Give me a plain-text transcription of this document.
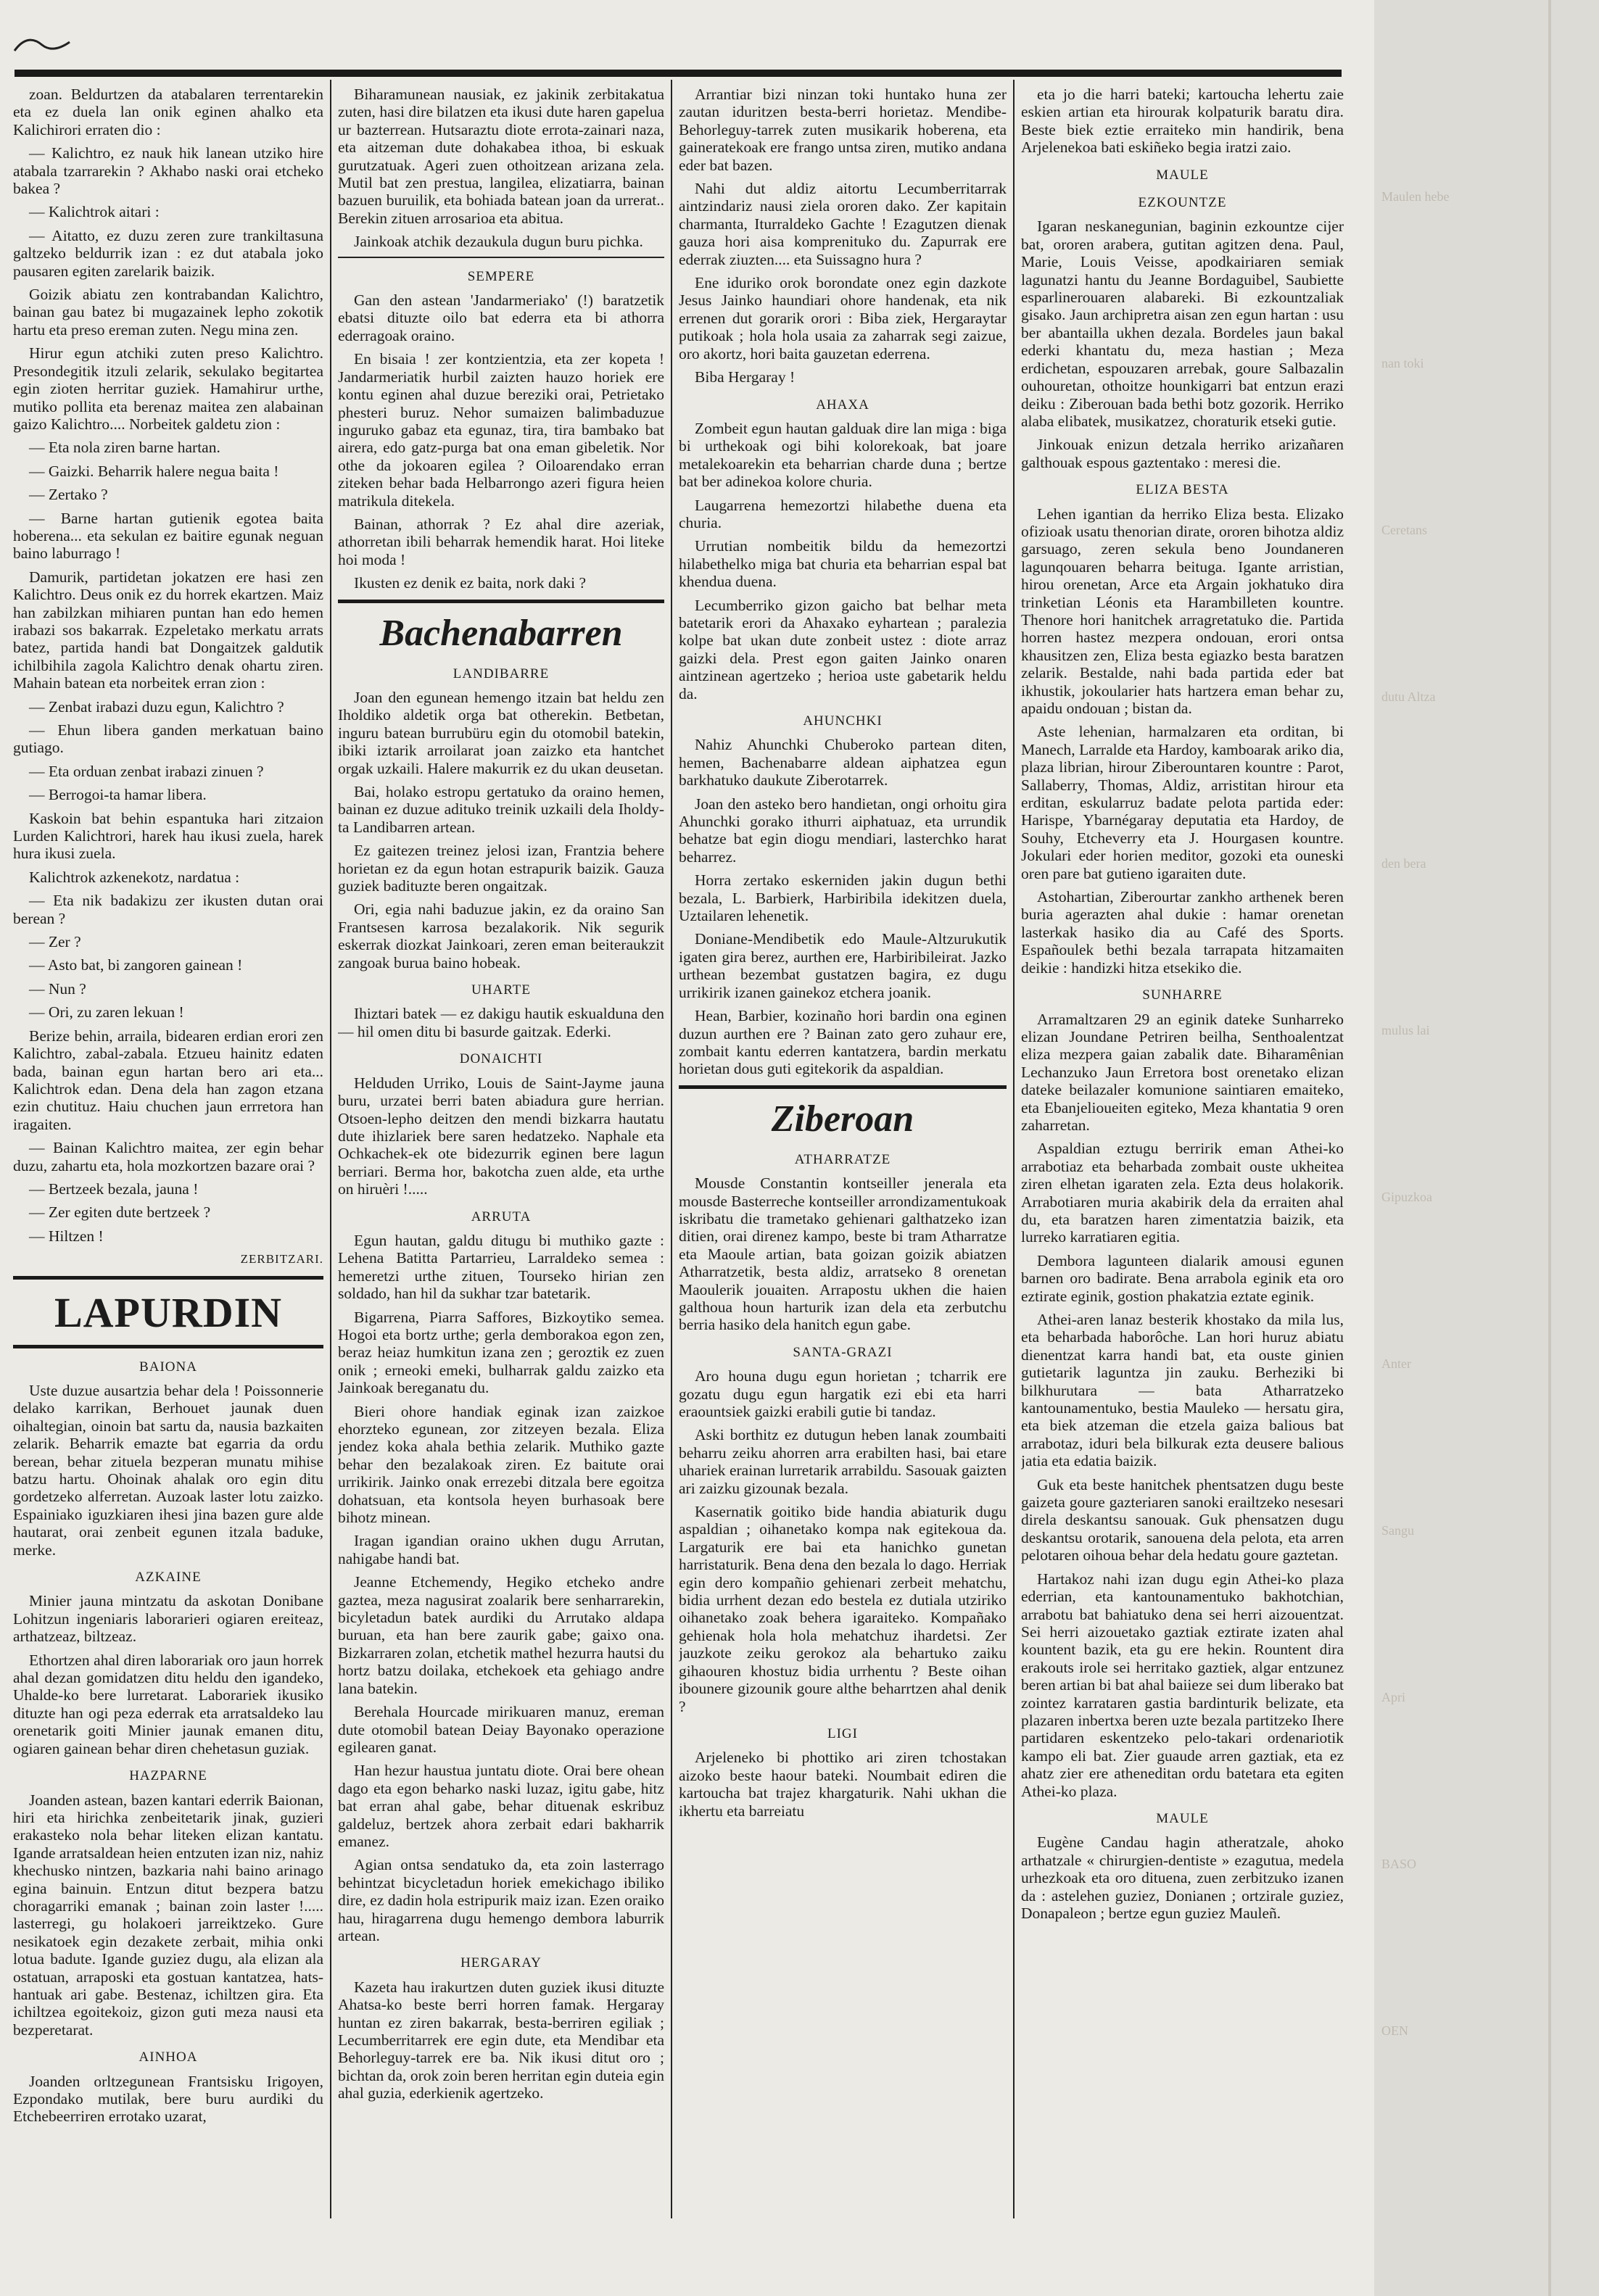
zoan. Beldurtzen da atabalaren terrentarekin eta ez duela lan onik eginen ahalko eta Kalichirori erraten dio :

— Kalichtro, ez nauk hik lanean utziko hire atabala tzarrarekin ? Akhabo naski orai etcheko bakea ?

— Kalichtrok aitari :

— Aitatto, ez duzu zeren zure trankiltasuna galtzeko beldurrik izan : ez dut atabala joko pausaren egiten zarelarik baizik.

Goizik abiatu zen kontrabandan Kalichtro, bainan gau batez bi mugazainek lepho zokotik hartu eta preso ereman zuten. Negu mina zen.

Hirur egun atchiki zuten preso Kalichtro. Presondegitik itzuli zelarik, sekulako begitartea egin zioten herritar guziek. Hamahirur urthe, mutiko pollita eta berenaz maitea zen alabainan gaizo Kalichtro.... Norbeitek galdetu zion :

— Eta nola ziren barne hartan.

— Gaizki. Beharrik halere negua baita !

— Zertako ?

— Barne hartan gutienik egotea baita hoberena... eta sekulan ez baitire egunak neguan baino laburrago !

Damurik, partidetan jokatzen ere hasi zen Kalichtro. Deus onik ez du horrek ekartzen. Maiz han zabilzkan mihiaren puntan han edo hemen irabazi sos bakarrak. Ezpeletako merkatu arrats batez, partida handi bat Dongaitzek galdutik ichilbihila zagola Kalichtro denak ohartu ziren. Mahain batean eta norbeitek erran zion :

— Zenbat irabazi duzu egun, Kalichtro ?

— Ehun libera ganden merkatuan baino gutiago.

— Eta orduan zenbat irabazi zinuen ?

— Berrogoi-ta hamar libera.

Kaskoin bat behin espantuka hari zitzaion Lurden Kalichtrori, harek hau ikusi zuela, harek hura ikusi zuela.

Kalichtrok azkenekotz, nardatua :

— Eta nik badakizu zer ikusten dutan orai berean ?

— Zer ?

— Asto bat, bi zangoren gainean !

— Nun ?

— Ori, zu zaren lekuan !

Berize behin, arraila, bidearen erdian erori zen Kalichtro, zabal-zabala. Etzueu hainitz edaten bada, bainan egun hartan bero ari eta... Kalichtrok edan. Dena dela han zagon etzana ezin chutituz. Haiu chuchen jaun errretora han iragaiten.

— Bainan Kalichtro maitea, zer egin behar duzu, zahartu eta, hola mozkortzen bazare orai ?

— Bertzeek bezala, jauna !

— Zer egiten dute bertzeek ?

— Hiltzen !

ZERBITZARI.

LAPURDIN
BAIONA

Uste duzue ausartzia behar dela ! Poissonnerie delako karrikan, Berhouet jaunak duen oihaltegian, oinoin bat sartu da, nausia bazkaiten zelarik. Beharrik emazte bat egarria da ordu berean, behar zituela bezperan munatu mihise batzu hartu. Ohoinak ahalak oro egin ditu gordetzeko alferretan. Auzoak laster lotu zaizko. Espainiako iguzkiaren ihesi jina bazen gure alde hautarat, orai zenbeit egunen itzala baduke, merke.

AZKAINE

Minier jauna mintzatu da askotan Donibane Lohitzun ingeniaris laborarieri ogiaren ereiteaz, arthatzeaz, biltzeaz.

Ethortzen ahal diren laborariak oro jaun horrek ahal dezan gomidatzen ditu heldu den igandeko, Uhalde-ko bere lurretarat. Laborariek ikusiko dituzte han ogi peza ederrak eta arratsaldeko lau orenetarik goiti Minier jaunak emanen ditu, ogiaren gainean behar diren chehetasun guziak.

HAZPARNE

Joanden astean, bazen kantari ederrik Baionan, hiri eta hirichka zenbeitetarik jinak, guzieri erakasteko nola behar liteken elizan kantatu. Igande arratsaldean heien entzuten izan niz, nahiz khechusko nintzen, bazkaria nahi baino arinago egina bainuin. Entzun ditut bezpera batzu choragarriki emanak ; bainan zoin laster !..... lasterregi, gu holakoeri jarreiktzeko. Gure nesikatoek egin dezakete zerbait, mihia onki lotua badute. Igande guziez dugu, ala elizan ala ostatuan, arraposki eta gostuan kantatzea, hats-hantuak ari gabe. Bestenaz, ichiltzen gira. Eta ichiltzea egoitekoiz, gizon guti meza nausi eta bezperetarat.

AINHOA

Joanden orltzegunean Frantsisku Irigoyen, Ezpondako mutilak, bere buru aurdiki du Etchebeerriren errotako uzarat,

Biharamunean nausiak, ez jakinik zerbitakatua zuten, hasi dire bilatzen eta ikusi dute haren gapelua ur bazterrean. Hutsaraztu diote errota-zainari naza, eta aitzeman dute dohakabea ithoa, bi eskuak gurutzatuak. Ageri zuen othoitzean arizana zela. Mutil bat zen prestua, langilea, elizatiarra, bainan bazuen buruilik, eta bohiada batean joan da urrerat.. Berekin zituen arrosarioa eta abitua.

Jainkoak atchik dezaukula dugun buru pichka.

SEMPERE

Gan den astean 'Jandarmeriako' (!) baratzetik ebatsi dituzte oilo bat ederra eta bi athorra ederragoak oraino.

En bisaia ! zer kontzientzia, eta zer kopeta ! Jandarmeriatik hurbil zaizten hauzo horiek ere kontu eginen ahal duzue bereziki orai, Petrietako phesteri buruz. Nehor sumaizen balimbaduzue inguruko gabaz eta egunaz, tira, tira bambako bat airera, edo gatz-purga bat ona eman gibeletik. Nor othe da jokoaren egilea ? Oiloarendako erran ziteken behar bada Helbarrongo azeri figura heien matrikula ditekela.

Bainan, athorrak ? Ez ahal dire azeriak, athorretan ibili beharrak hemendik harat. Hoi liteke hoi moda !

Ikusten ez denik ez baita, nork daki ?

Bachenabarren
LANDIBARRE

Joan den egunean hemengo itzain bat heldu zen Iholdiko aldetik orga bat otherekin. Betbetan, inguru batean burrubüru egin du otomobil batekin, ibiki iztarik arroilarat joan zaizko eta hantchet orgak uzkaili. Halere makurrik ez du ukan deusetan.

Bai, holako estropu gertatuko da oraino hemen, bainan ez duzue adituko treinik uzkaili dela Iholdy-ta Landibarren artean.

Ez gaitezen treinez jelosi izan, Frantzia behere horietan ez da egun hotan estrapurik baizik. Gauza guziek badituzte beren ongaitzak.

Ori, egia nahi baduzue jakin, ez da oraino San Frantsesen karrosa bezalakorik. Nik segurik eskerrak diozkat Jainkoari, zeren eman beiteraukzit zangoak burua baino hobeak.

UHARTE

Ihiztari batek — ez dakigu hautik eskualduna den — hil omen ditu bi basurde gaitzak. Ederki.

DONAICHTI

Helduden Urriko, Louis de Saint-Jayme jauna buru, urzatei berri baten abiadura gure herrian. Otsoen-lepho deitzen den mendi bizkarra hautatu dute ihizlariek bere saren hedatzeko. Naphale eta Ochkachek-ek ote bidezurrik eginen bere lagun berriari. Berma hor, bakotcha zuen alde, eta urthe on hiruèri !.....

ARRUTA

Egun hautan, galdu ditugu bi muthiko gazte : Lehena Batitta Partarrieu, Larraldeko semea : hemeretzi urthe zituen, Tourseko hirian zen soldado, han hil da sukhar tzar batetarik.

Bigarrena, Piarra Saffores, Bizkoytiko semea. Hogoi eta bortz urthe; gerla demborakoa egon zen, beraz heiaz humkitun izana zen ; geroztik ez zuen onik ; erneoki emeki, bulharrak galdu zaizko eta Jainkoak bereganatu du.

Bieri ohore handiak eginak izan zaizkoe ehorzteko egunean, zor zitzeyen bezala. Eliza jendez koka ahala bethia zelarik. Muthiko gazte behar den bezalakoak ziren. Ez baitute orai urrikirik. Jainko onak errezebi ditzala bere egoitza dohatsuan, eta kontsola heyen burhasoak bere bihotz minean.

Iragan igandian oraino ukhen dugu Arrutan, nahigabe handi bat.

Jeanne Etchemendy, Hegiko etcheko andre gaztea, meza nagusirat zoalarik bere senharrarekin, bicyletadun batek aurdiki du Arrutako aldapa buruan, eta han bere zaurik gabe; gaixo ona. Bizkarraren zolan, etchetik mathel hezurra hautsi du hortz batzu doilaka, etchekoek eta gehiago andre lana batekin.

Berehala Hourcade mirikuaren manuz, ereman dute otomobil batean Deiay Bayonako operazione egilearen ganat.

Han hezur haustua juntatu diote. Orai bere ohean dago eta egon beharko naski luzaz, igitu gabe, hitz bat erran ahal gabe, behar dituenak eskribuz galdeluz, bertzek ahora zerbait edari bakharrik emanez.

Agian ontsa sendatuko da, eta zoin lasterrago behintzat bicycletadun horiek emekichago ibiliko dire, ez dadin hola estripurik maiz izan. Ezen oraiko hau, hiragarrena dugu hemengo dembora laburrik artean.

HERGARAY

Kazeta hau irakurtzen duten guziek ikusi dituzte Ahatsa-ko beste berri horren famak. Hergaray huntan ez ziren bakarrak, besta-berriren egiliak ; Lecumberritarrek ere egin dute, eta Mendibar eta Behorleguy-tarrek ere ba. Nik ikusi ditut oro ; bichtan da, orok zoin beren herritan egin duteia egin ahal guzia, ederkienik agertzeko.

Arrantiar bizi ninzan toki huntako huna zer zautan iduritzen besta-berri horietaz. Mendibe-Behorleguy-tarrek zuten musikarik hoberena, eta gaineratekoak ere frango untsa ziren, mutiko andana eder bat bazen.

Nahi dut aldiz aitortu Lecumberritarrak aintzindariz nausi ziela ororen dako. Zer kapitain charmanta, Iturraldeko Gachte ! Ezagutzen dienak gauza hori aisa komprenituko du. Zapurrak ere ederrak ziuzten.... eta Suissagno hura ?

Ene iduriko orok borondate onez egin dazkote Jesus Jainko haundiari ohore handenak, eta nik errenen dut gorarik orori : Biba ziek, Hergaraytar putikoak ; hola hola usaia za zaharrak segi zaizue, oro akortz, hori baita gauzetan ederrena.

Biba Hergaray !

AHAXA

Zombeit egun hautan galduak dire lan miga : biga bi urthekoak ogi bihi kolorekoak, bat joare metalekoarekin eta beharrian charde duna ; bertze bat ber adinekoa kolore churia.

Laugarrena hemezortzi hilabethe duena eta churia.

Urrutian nombeitik bildu da hemezortzi hilabethelko miga bat churia eta beharrian espal bat khendua duena.

Lecumberriko gizon gaicho bat belhar meta batetarik erori da Ahaxako eyhartean ; paralezia kolpe bat ukan dute zonbeit ustez : diote arraz gaizki dela. Prest egon gaiten Jainko onaren aintzinean agertzeko ; herioa uste gabetarik heldu da.

AHUNCHKI

Nahiz Ahunchki Chuberoko partean diten, hemen, Bachenabarre aldean aiphatzea egun barkhatuko daukute Ziberotarrek.

Joan den asteko bero handietan, ongi orhoitu gira Ahunchki gorako ithurri aiphatuaz, eta urrundik behatze bat egin diogu mendiari, lasterchko harat beharrez.

Horra zertako eskerniden jakin dugun bethi bezala, L. Barbierk, Harbiribila idekitzen duela, Uztailaren lehenetik.

Doniane-Mendibetik edo Maule-Altzurukutik igaten gira berez, aurthen ere, Harbiribileirat. Jazko urthean bezembat gustatzen bagira, ez dugu urrikirik izanen gainekoz etchera joanik.

Hean, Barbier, kozinaño hori bardin ona eginen duzun aurthen ere ? Bainan zato gero zuhaur ere, zombait kantu ederren kantatzera, bardin merkatu horietan dous guti egitekorik da aspaldian.

Ziberoan
ATHARRATZE

Mousde Constantin kontseiller jenerala eta mousde Basterreche kontseiller arrondizamentukoak iskribatu die trametako gehienari galthatzeko izan ditien, orai direnez kampo, beste bi tram Atharratze eta Maoule artian, bata goizan goizik abiatzen Atharratzetik, besta aldiz, arratseko 8 orenetan Maoulerik jouaiten. Arrapostu ukhen die haien galthoua houn harturik izan dela eta zerbutchu berria hasiko dela hanitch egun gabe.

SANTA-GRAZI

Aro houna dugu egun horietan ; tcharrik ere gozatu dugu egun hargatik ezi ebi eta harri eraountsiek gaizki erabili gutie bi tandaz.

Aski borthitz ez dutugun heben lanak zoumbaiti beharru zeiku ahorren arra erabilten hasi, bai etare uhariek erainan lurretarik arrabildu. Sasouak gaizten ari zaizku gizounak bezala.

Kasernatik goitiko bide handia abiaturik dugu aspaldian ; oihanetako kompa nak egitekoua da. Largaturik ere bai eta hanichko gunetan harristaturik. Bena dena den bezala lo dago. Herriak egin dero kompañio gehienari zerbeit mehatchu, bidia urrhent dezan edo bestela ez dutiala utziriko oihanetako zoak behera igaraiteko. Kompañako gehienak hola hola mehatchuz ihardetsi. Zer jauzkote zeiku gerokoz ala behartuko zaiku gihaouren khostuz bidia urrhentu ? Beste oihan ibounere gizounik goure althe beharrtzen ahal denik ?

LIGI

Arjeleneko bi phottiko ari ziren tchostakan aizoko beste haour bateki. Noumbait ediren die kartoucha bat trajez khargaturik. Nahi ukhan die ikhertu eta barreiatu

eta jo die harri bateki; kartoucha lehertu zaie eskien artian eta hirourak kolpaturik baratu dira. Beste biek eztie erraiteko min handirik, bena Arjelenekoa bati eskiñeko begia iratzi zaio.

MAULE
EZKOUNTZE

Igaran neskanegunian, baginin ezkountze cijer bat, ororen arabera, gutitan agitzen dena. Paul, Marie, Louis Veisse, apodkairiaren semiak lagunatzi hantu du Jeanne Bordaguibel, Saubiette esparlinerouaren alabareki. Bi ezkountzaliak gisako. Jaun archipretra aisan zen egun hartan : usu ber abantailla ukhen dezala. Bordeles jaun bakal ederki khantatu du, meza hastian ; Meza erdichetan, espouzaren arrebak, goure Salbazalin ouhouretan, othoitze hounkigarri bat entzun erazi deiku : Ziberouan bada bethi botz gozorik. Herriko alaba elibatek, musikatzez, choraturik etseki gutie.

Jinkouak enizun detzala herriko arizañaren galthouak espous gaztentako : meresi die.

ELIZA BESTA

Lehen igantian da herriko Eliza besta. Elizako ofizioak usatu thenorian dirate, ororen bihotza aldiz garsuago, zeren sekula beno Joundaneren lagunqouaren beharra beituga. Igante arristian, hirou orenetan, Arce eta Argain jokhatuko dira trinketian Léonis eta Harambilleten kountre. Thenore hori hanitchek arragretatuko die. Partida horren hastez mezpera ondouan, erori ontsa khausitzen zen, Eliza besta egiazko besta baratzen zelarik. Bestalde, nahi bada partida eder bat ikhustik, jokoularier hats hartzera eman behar zu, apaidu ondouan ; bistan da.

Aste lehenian, harmalzaren eta orditan, bi Manech, Larralde eta Hardoy, kamboarak ariko dia, plaza librian, hirour Ziberountaren kountre : Parot, Sallaberry, Thomas, Aldiz, arristitan hirour eta erditan, eskularruz badate pelota partida eder: Harispe, Ybarnégaray deputatia eta Hardoy, de Souhy, Etcheverry eta J. Hourgasen kountre. Jokulari eder horien meditor, gozoki eta ouneski oren pare bat gutieno igaraiten dute.

Astohartian, Ziberourtar zankho arthenek beren buria agerazten ahal dukie : hamar orenetan lasterkak hasiko dia au Café des Sports. Españoulek bethi bezala tarrapata hitzamaiten deikie : handizki hitza etsekiko die.

SUNHARRE

Arramaltzaren 29 an eginik dateke Sunharreko elizan Joundane Petriren beilha, Senthoalentzat eliza mezpera gaian zabalik date. Biharamênian Lechanzuko Jaun Erretora bost orenetako elizan dateke beilazaler komunione saintiaren emaiteko, eta Ebanjelioueiten egiteko, Meza khantatia 9 oren zaharretan.

Aspaldian eztugu berririk eman Athei-ko arrabotiaz eta beharbada zombait ouste ukheitea ziren elhetan igaraten zela. Ezta deus holakorik. Arrabotiaren muria akabirik dela da erraiten ahal du, eta baratzen haren zimentatzia baizik, eta lurreko karratiaren egitia.

Dembora lagunteen dialarik amousi egunen barnen oro badirate. Bena arrabola eginik eta oro eztirate eginik, gostion phakatzia eztate eginik.

Athei-aren lanaz besterik khostako da mila lus, eta beharbada haborôche. Lan hori huruz abiatu dienentzat karra handi bat, eta ouste ginien gutietarik laguntza jin zauku. Berheziki bi bilkhurutara — bata Atharratzeko kantounamentuko, bestia Mauleko — hersatu gira, eta biek atzeman die etzela gaiza balious bat arrabotaz, iduri bela bilkurak ezta deusere balious jatia eta edatia baizik.

Guk eta beste hanitchek phentsatzen dugu beste gaizeta goure gazteriaren sanoki erailtzeko nesesari direla deskantsu sanouak. Guk phensatzen dugu deskantsu orotarik, sanouena dela pelota, eta arren pelotaren oihoua behar dela hedatu goure gaztetan.

Hartakoz nahi izan dugu egin Athei-ko plaza ederrian, eta kantounamentuko bakhotchian, arrabotu bat bahiatuko dena sei herri aizouentzat. Sei herri aizouetako gaztiak eztirate izaten ahal kountent bazik, eta gu ere hekin. Rountent dira erakouts irole sei herritako gaztiek, algar entzunez beren artian bi bat ahal baiieze sei dum liberako bat zointez karrataren gastia bardinturik belizate, eta plazaren inbertxa beren uzte bezala partitzeko Ihere partidaren eskentzeko pelo-takari ordenariotik kampo eli bat. Zier guaude arren gaztiak, eta ez ahatz zier ere atheneditan ordu batetara eta egiten Athei-ko plaza.

MAULE

Eugène Candau hagin atheratzale, ahoko arthatzale « chirurgien-dentiste » ezagutua, medela urhezkoak eta oro dituena, zuen zerbitzuko izanen da : astelehen guziez, Donianen ; ortzirale guziez, Donapaleon ; bertze egun guziez Mauleñ.

Maulen hebe
nan toki
Ceretans
dutu Altza
den bera
mulus lai
Gipuzkoa
Anter
Sangu
Apri
BASO
OEN
